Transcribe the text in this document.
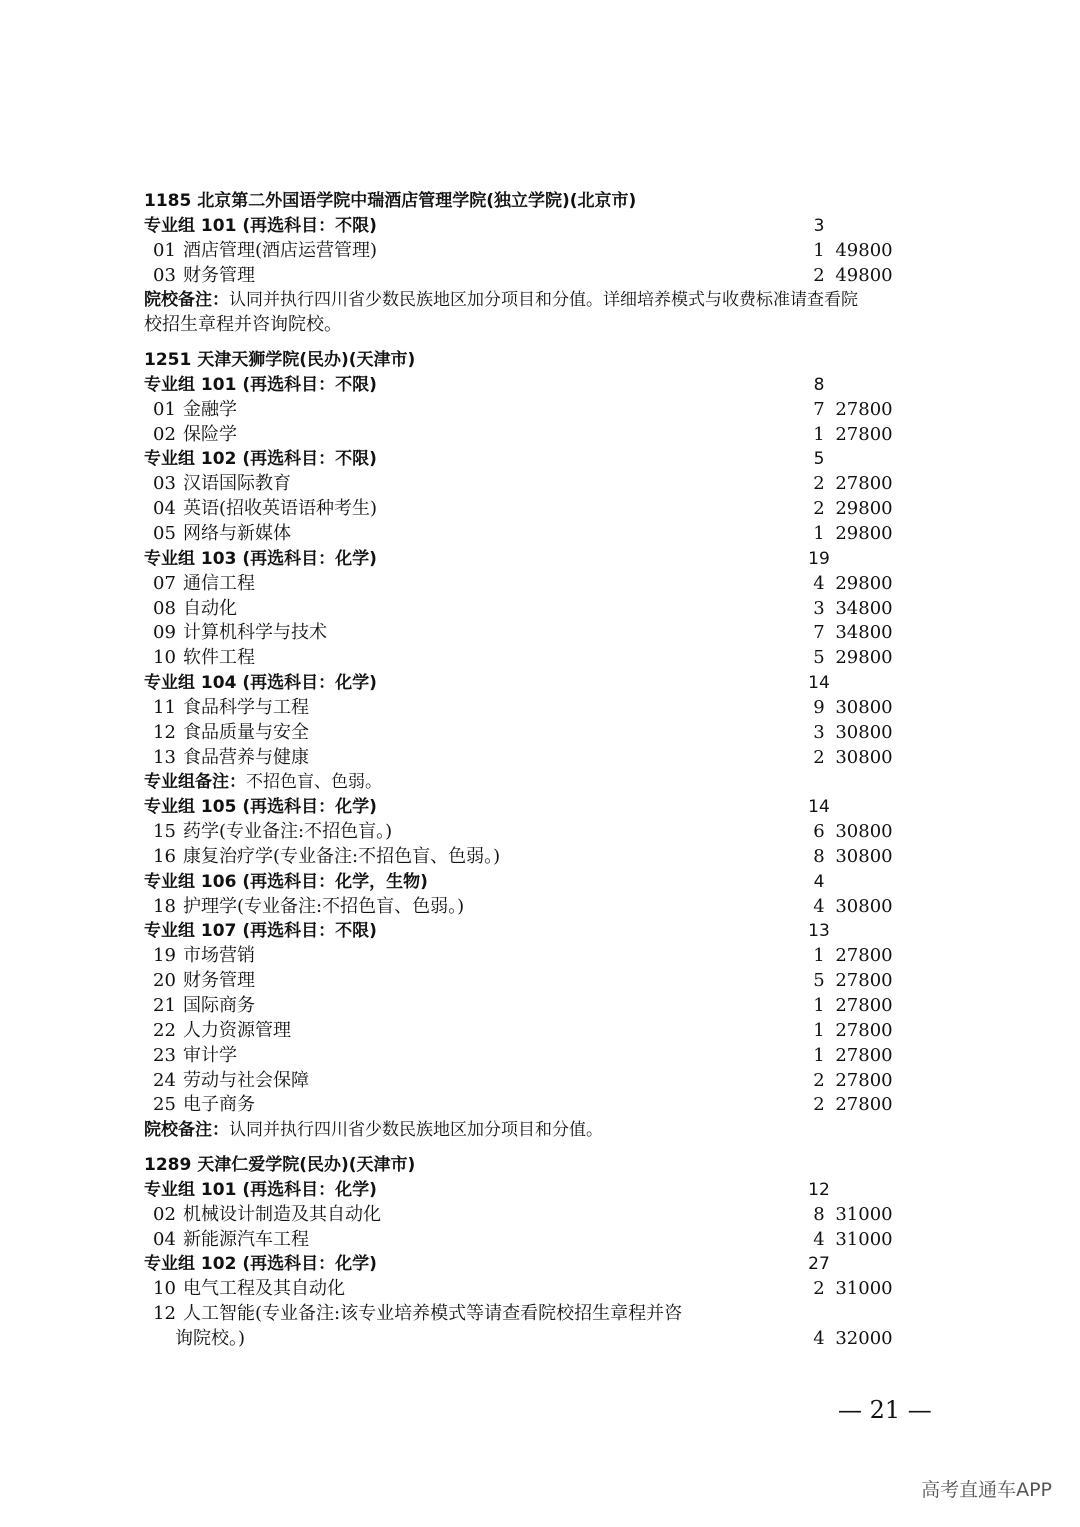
1185 北京第二外国语学院中瑞酒店管理学院(独立学院)(北京市)
专业组 101 (再选科目：不限)	3
01 酒店管理(酒店运营管理)	1 49800
03 财务管理	2 49800
院校备注：认同并执行四川省少数民族地区加分项目和分值。详细培养模式与收费标准请查看院
校招生章程并咨询院校。
1251 天津天狮学院(民办)(天津市)
专业组 101 (再选科目：不限)	8
01 金融学	7 27800
02 保险学	1 27800
专业组 102 (再选科目：不限)	5
03 汉语国际教育	2 27800
04 英语(招收英语语种考生)	2 29800
05 网络与新媒体	1 29800
专业组 103 (再选科目：化学)	19
07 通信工程	4 29800
08 自动化	3 34800
09 计算机科学与技术	7 34800
10 软件工程	5 29800
专业组 104 (再选科目：化学)	14
11 食品科学与工程	9 30800
12 食品质量与安全	3 30800
13 食品营养与健康	2 30800
专业组备注：不招色盲、色弱。
专业组 105 (再选科目：化学)	14
15 药学(专业备注:不招色盲。)	6 30800
16 康复治疗学(专业备注:不招色盲、色弱。)	8 30800
专业组 106 (再选科目：化学，生物)	4
18 护理学(专业备注:不招色盲、色弱。)	4 30800
专业组 107 (再选科目：不限)	13
19 市场营销	1 27800
20 财务管理	5 27800
21 国际商务	1 27800
22 人力资源管理	1 27800
23 审计学	1 27800
24 劳动与社会保障	2 27800
25 电子商务	2 27800
院校备注：认同并执行四川省少数民族地区加分项目和分值。
1289 天津仁爱学院(民办)(天津市)
专业组 101 (再选科目：化学)	12
02 机械设计制造及其自动化	8 31000
04 新能源汽车工程	4 31000
专业组 102 (再选科目：化学)	27
10 电气工程及其自动化	2 31000
12 人工智能(专业备注:该专业培养模式等请查看院校招生章程并咨
询院校。)	4 32000
— 21 —
高考直通车APP
